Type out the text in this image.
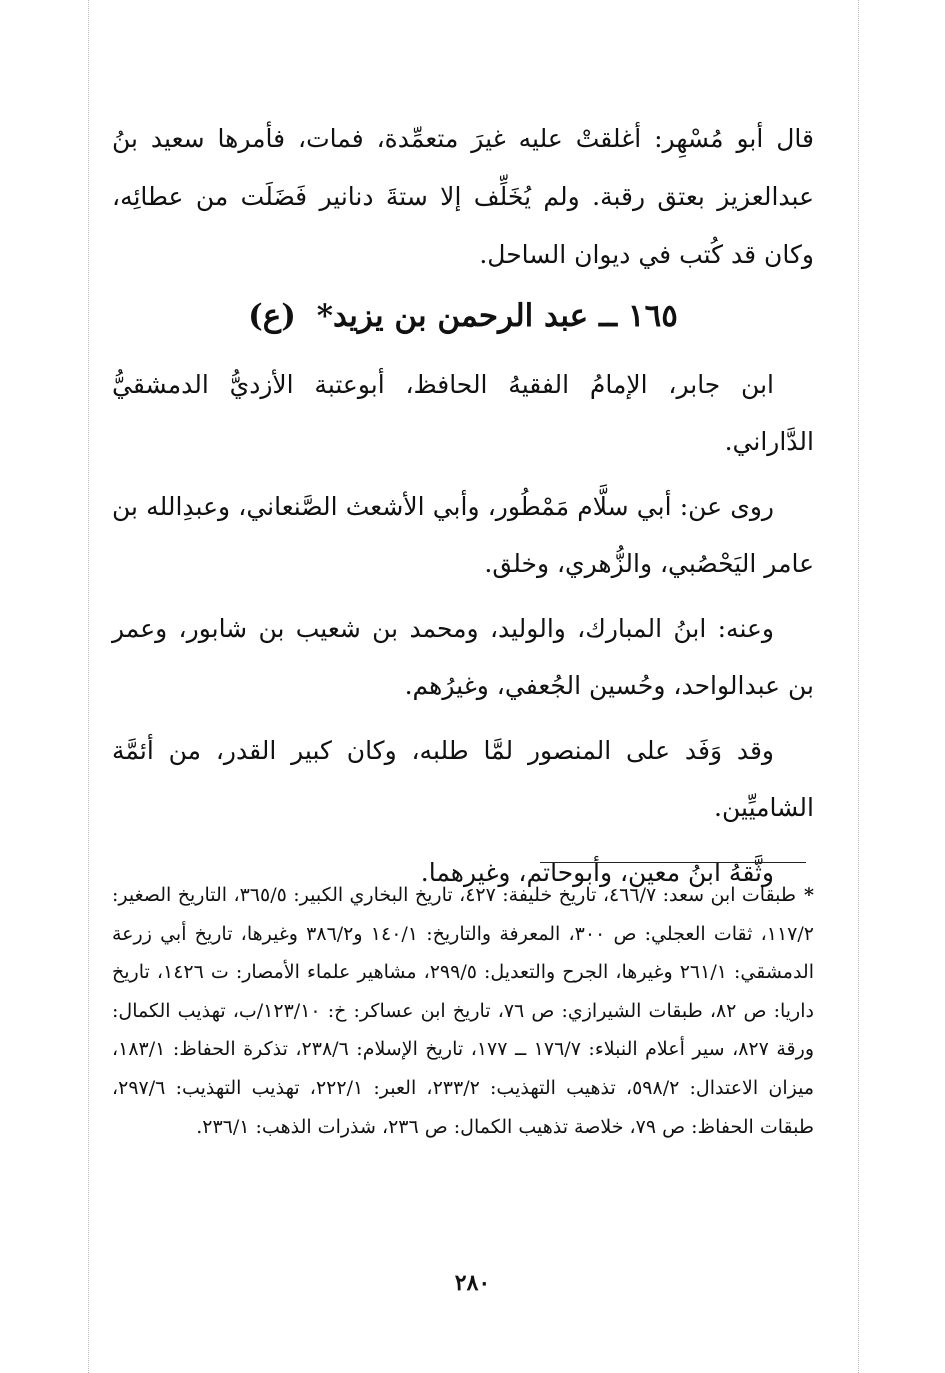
قال أبو مُسْهِر: أغلقتْ عليه غيرَ متعمِّدة، فمات، فأمرها سعيد بنُ عبدالعزيز بعتق رقبة. ولم يُخَلِّف إلا ستةَ دنانير فَضَلَت من عطائِه، وكان قد كُتب في ديوان الساحل.

١٦٥ ــ عبد الرحمن بن يزيد* (ع)

ابن جابر، الإمامُ الفقيهُ الحافظ، أبوعتبة الأزديُّ الدمشقيُّ الدَّاراني.

روى عن: أبي سلَّام مَمْطُور، وأبي الأشعث الصَّنعاني، وعبدِالله بن عامر اليَحْصُبي، والزُّهري، وخلق.

وعنه: ابنُ المبارك، والوليد، ومحمد بن شعيب بن شابور، وعمر بن عبدالواحد، وحُسين الجُعفي، وغيرُهم.

وقد وَفَد على المنصور لمَّا طلبه، وكان كبير القدر، من أئمَّة الشاميِّين.

وثَّقهُ ابنُ معين، وأبوحاتم، وغيرهما.

*طبقات ابن سعد: ٤٦٦/٧، تاريخ خليفة: ٤٢٧، تاريخ البخاري الكبير: ٣٦٥/٥، التاريخ الصغير: ١١٧/٢، ثقات العجلي: ص ٣٠٠، المعرفة والتاريخ: ١٤٠/١ و٣٨٦/٢ وغيرها، تاريخ أبي زرعة الدمشقي: ٢٦١/١ وغيرها، الجرح والتعديل: ٢٩٩/٥، مشاهير علماء الأمصار: ت ١٤٢٦، تاريخ داريا: ص ٨٢، طبقات الشيرازي: ص ٧٦، تاريخ ابن عساكر: خ: ١٢٣/١٠/ب، تهذيب الكمال: ورقة ٨٢٧، سير أعلام النبلاء: ١٧٦/٧ ــ ١٧٧، تاريخ الإسلام: ٢٣٨/٦، تذكرة الحفاظ: ١٨٣/١، ميزان الاعتدال: ٥٩٨/٢، تذهيب التهذيب: ٢٣٣/٢، العبر: ٢٢٢/١، تهذيب التهذيب: ٢٩٧/٦، طبقات الحفاظ: ص ٧٩، خلاصة تذهيب الكمال: ص ٢٣٦، شذرات الذهب: ٢٣٦/١.
٢٨٠
